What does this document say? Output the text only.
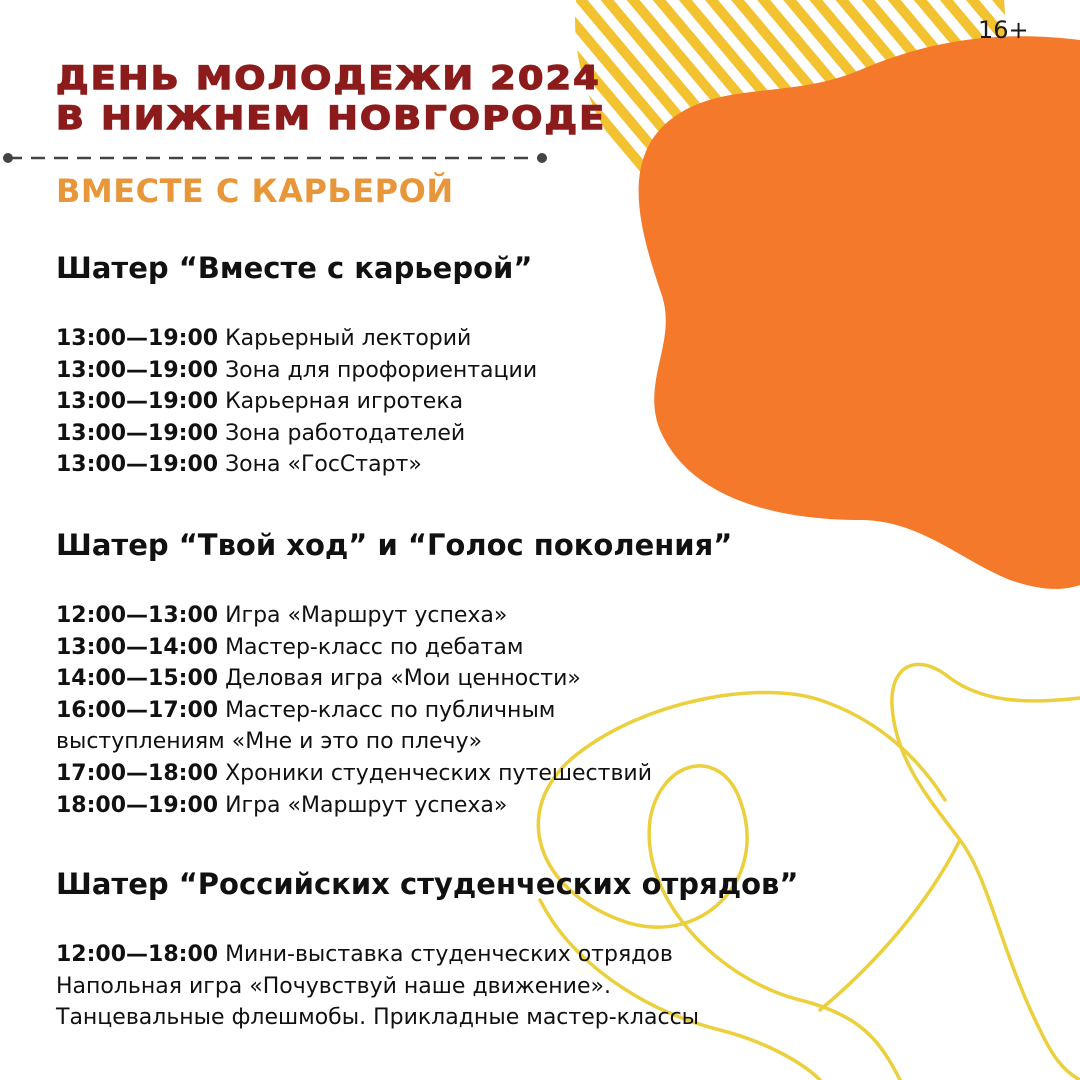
16+
ДЕНЬ МОЛОДЕЖИ 2024
В НИЖНЕМ НОВГОРОДЕ
ВМЕСТЕ С КАРЬЕРОЙ
Шатер “Вместе с карьерой”
13:00—19:00 Карьерный лекторий
13:00—19:00 Зона для профориентации
13:00—19:00 Карьерная игротека
13:00—19:00 Зона работодателей
13:00—19:00 Зона «ГосСтарт»
Шатер “Твой ход” и “Голос поколения”
12:00—13:00 Игра «Маршрут успеха»
13:00—14:00 Мастер-класс по дебатам
14:00—15:00 Деловая игра «Мои ценности»
16:00—17:00 Мастер-класс по публичным
выступлениям «Мне и это по плечу»
17:00—18:00 Хроники студенческих путешествий
18:00—19:00 Игра «Маршрут успеха»
Шатер “Российских студенческих отрядов”
12:00—18:00 Мини-выставка студенческих отрядов
Напольная игра «Почувствуй наше движение».
Танцевальные флешмобы. Прикладные мастер-классы
